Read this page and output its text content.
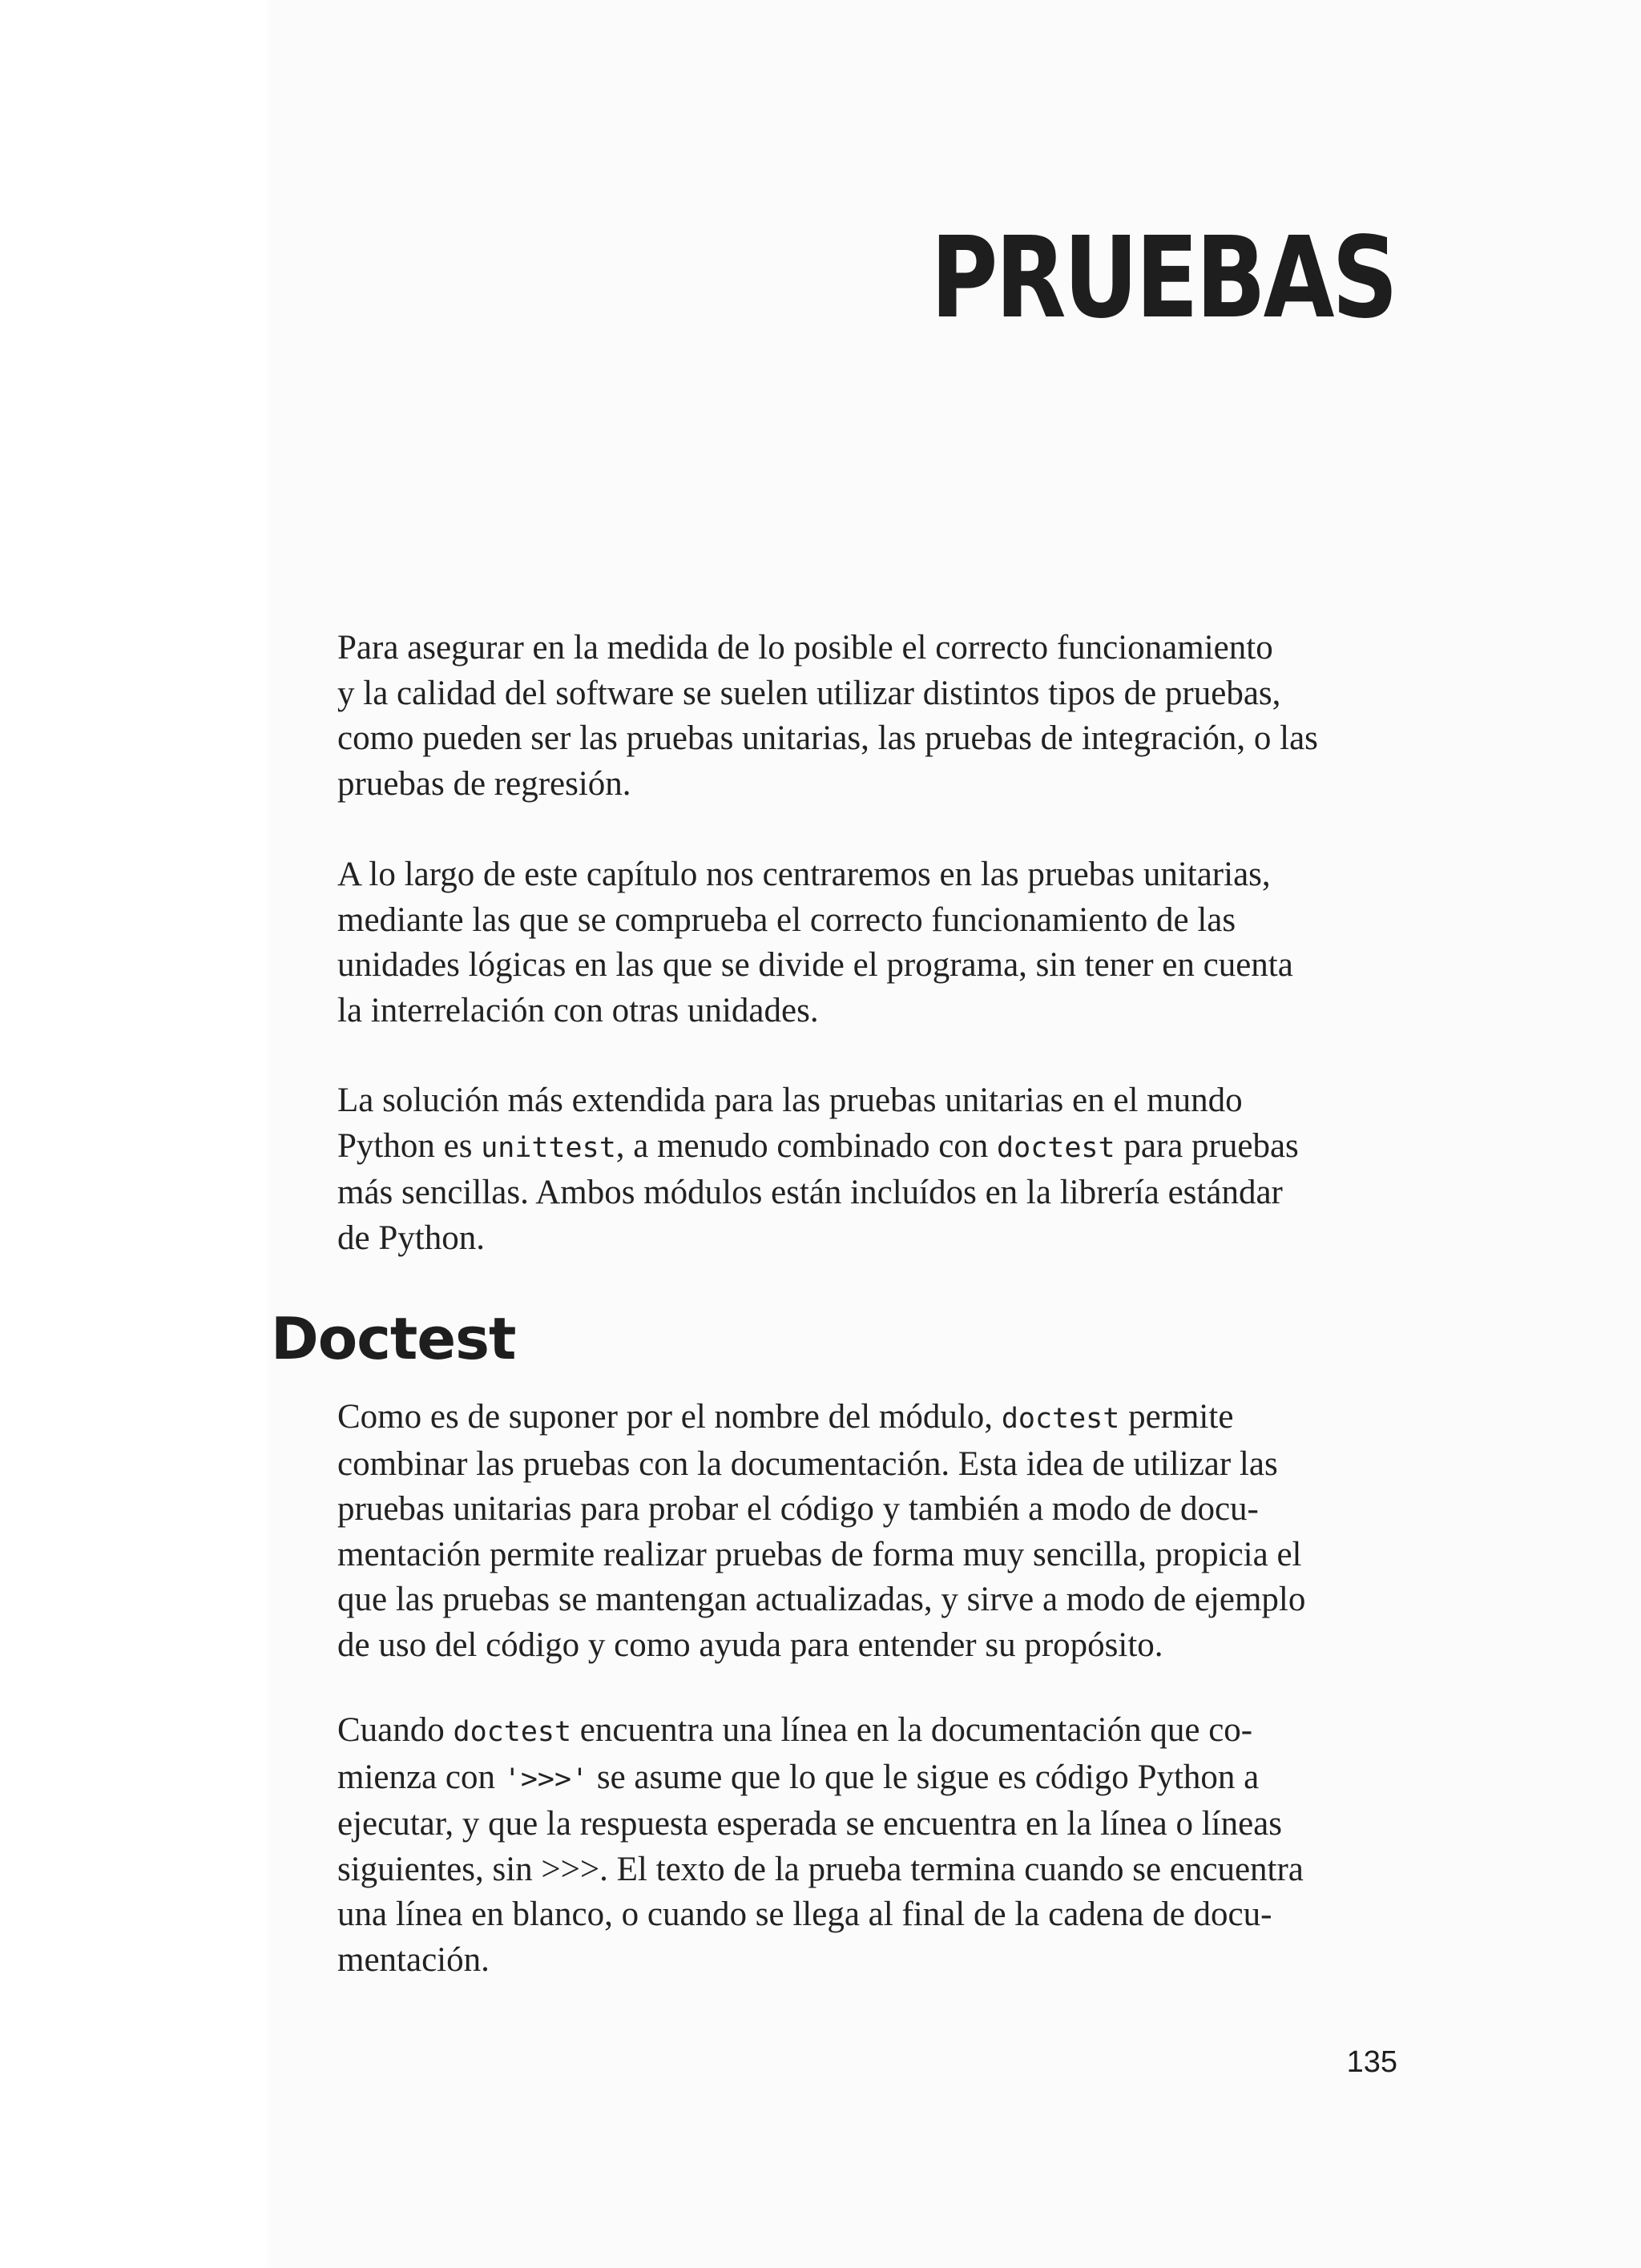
PRUEBAS
Para asegurar en la medida de lo posible el correcto funcionamiento
y la calidad del software se suelen utilizar distintos tipos de pruebas,
como pueden ser las pruebas unitarias, las pruebas de integración, o las
pruebas de regresión.
A lo largo de este capítulo nos centraremos en las pruebas unitarias,
mediante las que se comprueba el correcto funcionamiento de las
unidades lógicas en las que se divide el programa, sin tener en cuenta
la interrelación con otras unidades.
La solución más extendida para las pruebas unitarias en el mundo
Python es unittest, a menudo combinado con doctest para pruebas
más sencillas. Ambos módulos están incluídos en la librería estándar
de Python.
Doctest
Como es de suponer por el nombre del módulo, doctest permite
combinar las pruebas con la documentación. Esta idea de utilizar las
pruebas unitarias para probar el código y también a modo de docu-
mentación permite realizar pruebas de forma muy sencilla, propicia el
que las pruebas se mantengan actualizadas, y sirve a modo de ejemplo
de uso del código y como ayuda para entender su propósito.
Cuando doctest encuentra una línea en la documentación que co-
mienza con '>>>' se asume que lo que le sigue es código Python a
ejecutar, y que la respuesta esperada se encuentra en la línea o líneas
siguientes, sin >>>. El texto de la prueba termina cuando se encuentra
una línea en blanco, o cuando se llega al final de la cadena de docu-
mentación.
135
